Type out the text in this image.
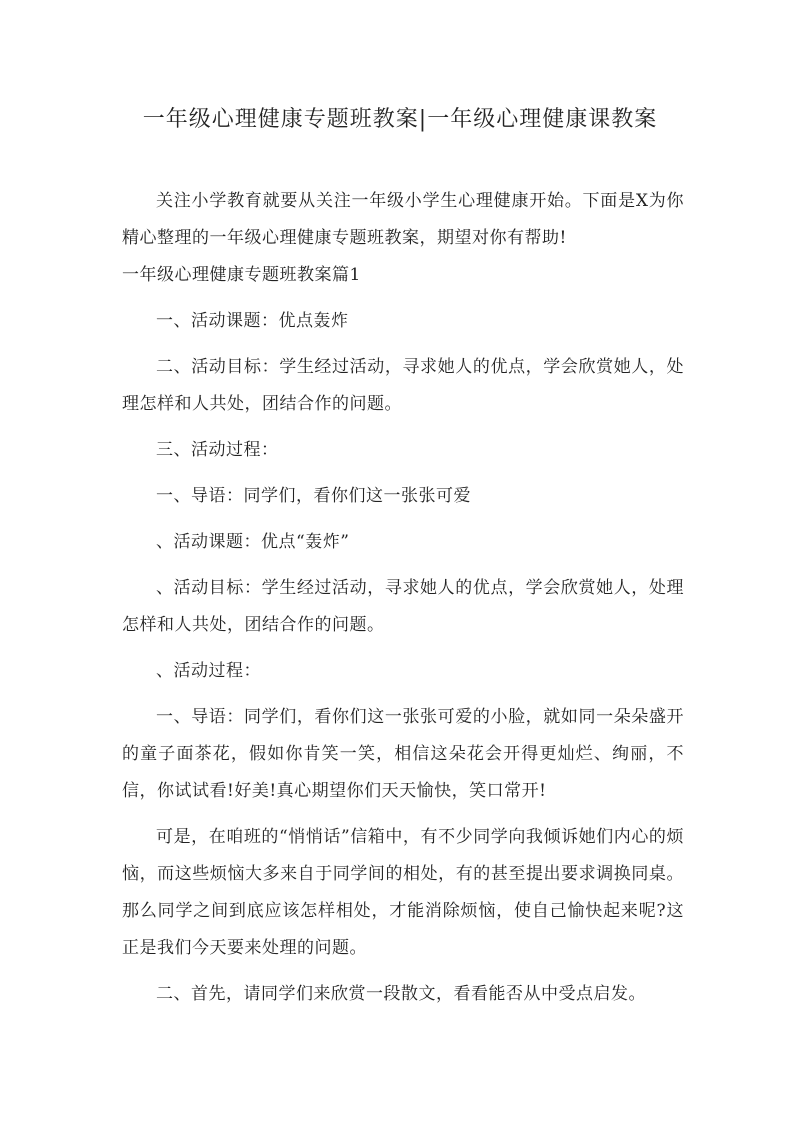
一年级心理健康专题班教案|一年级心理健康课教案

关注小学教育就要从关注一年级小学生心理健康开始。下面是X为你精心整理的一年级心理健康专题班教案，期望对你有帮助!

一年级心理健康专题班教案篇1

一、活动课题：优点轰炸

二、活动目标：学生经过活动，寻求她人的优点，学会欣赏她人，处理怎样和人共处，团结合作的问题。

三、活动过程：

一、导语：同学们，看你们这一张张可爱

、活动课题：优点“轰炸”

、活动目标：学生经过活动，寻求她人的优点，学会欣赏她人，处理怎样和人共处，团结合作的问题。

、活动过程：

一、导语：同学们，看你们这一张张可爱的小脸，就如同一朵朵盛开的童子面茶花，假如你肯笑一笑，相信这朵花会开得更灿烂、绚丽，不信，你试试看!好美!真心期望你们天天愉快，笑口常开!

可是，在咱班的“悄悄话”信箱中，有不少同学向我倾诉她们内心的烦恼，而这些烦恼大多来自于同学间的相处，有的甚至提出要求调换同桌。那么同学之间到底应该怎样相处，才能消除烦恼，使自己愉快起来呢?这正是我们今天要来处理的问题。

二、首先，请同学们来欣赏一段散文，看看能否从中受点启发。
